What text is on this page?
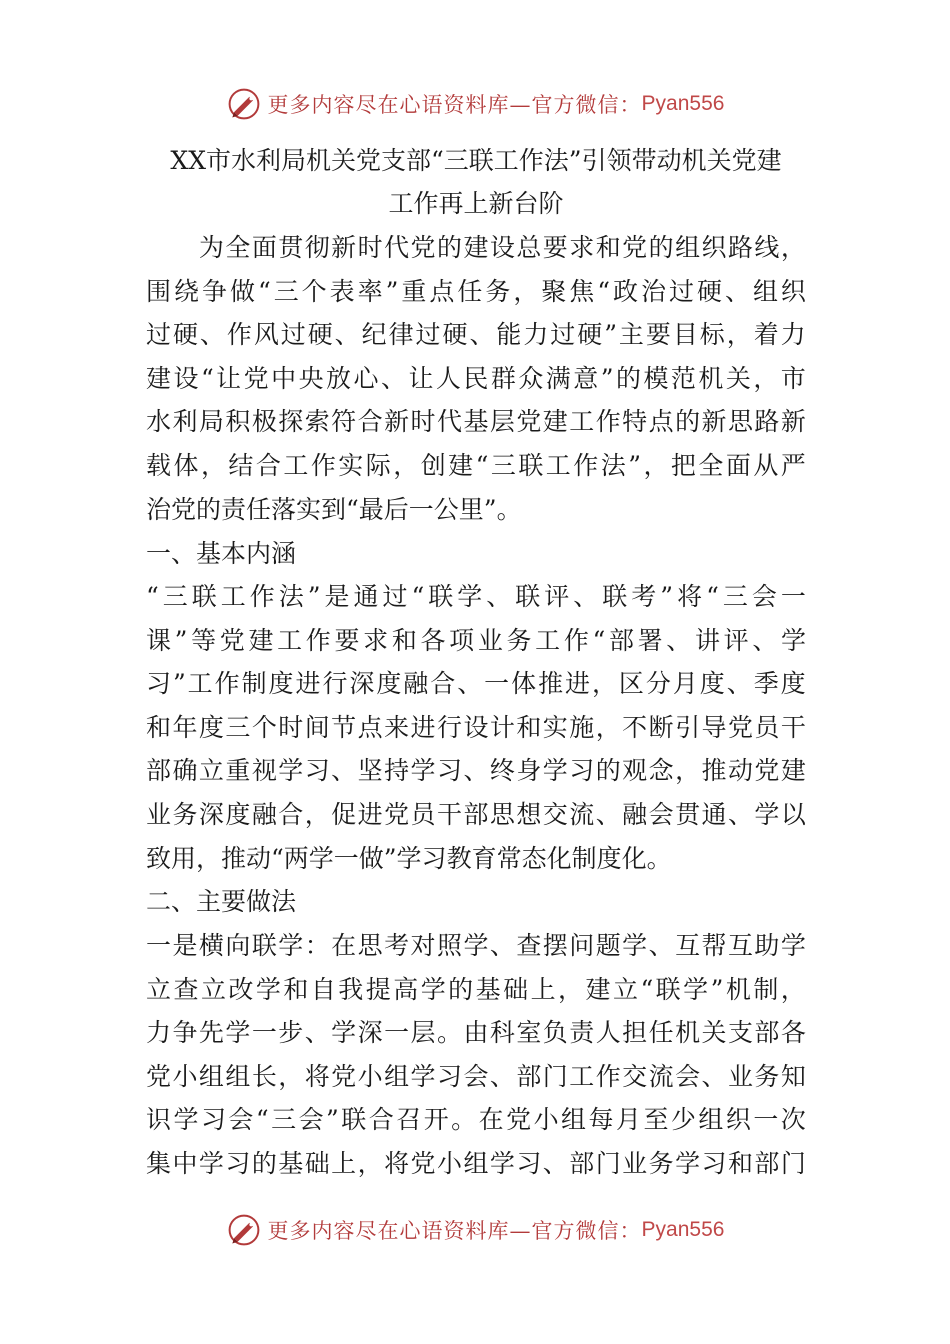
更多内容尽在心语资料库—官方微信： Pyan556
XX市水利局机关党支部“三联工作法”引领带动机关党建
工作再上新台阶

为 全 面 贯 彻 新 时 代 党 的 建 设 总 要 求 和 党 的 组 织 路 线 ，
围 绕 争 做 “ 三 个 表 率 ” 重 点 任 务 ， 聚 焦 “ 政 治 过 硬 、 组 织
过 硬 、 作 风 过 硬 、 纪 律 过 硬 、 能 力 过 硬 ” 主 要 目 标 ， 着 力
建 设 “ 让 党 中 央 放 心 、 让 人 民 群 众 满 意 ” 的 模 范 机 关 ， 市
水 利 局 积 极 探 索 符 合 新 时 代 基 层 党 建 工 作 特 点 的 新 思 路 新
载 体 ， 结 合 工 作 实 际 ， 创 建 “ 三 联 工 作 法 ” ， 把 全 面 从 严
治党的责任落实到“最后一公里”。
一、基本内涵
“ 三 联 工 作 法 ” 是 通 过 “ 联 学 、 联 评 、 联 考 ” 将 “ 三 会 一
课 ” 等 党 建 工 作 要 求 和 各 项 业 务 工 作 “ 部 署 、 讲 评 、 学
习 ” 工 作 制 度 进 行 深 度 融 合 、 一 体 推 进 ， 区 分 月 度 、 季 度
和 年 度 三 个 时 间 节 点 来 进 行 设 计 和 实 施 ， 不 断 引 导 党 员 干
部 确 立 重 视 学 习 、 坚 持 学 习 、 终 身 学 习 的 观 念 ， 推 动 党 建
业 务 深 度 融 合 ， 促 进 党 员 干 部 思 想 交 流 、 融 会 贯 通 、 学 以
致用，推动“两学一做”学习教育常态化制度化。
二、主要做法
一 是 横 向 联 学 ： 在 思 考 对 照 学 、 查 摆 问 题 学 、 互 帮 互 助 学
立 查 立 改 学 和 自 我 提 高 学 的 基 础 上 ， 建 立 “ 联 学 ” 机 制 ，
力 争 先 学 一 步 、 学 深 一 层 。 由 科 室 负 责 人 担 任 机 关 支 部 各
党 小 组 组 长 ， 将 党 小 组 学 习 会 、 部 门 工 作 交 流 会 、 业 务 知
识 学 习 会 “ 三 会 ” 联 合 召 开 。 在 党 小 组 每 月 至 少 组 织 一 次
集 中 学 习 的 基 础 上 ， 将 党 小 组 学 习 、 部 门 业 务 学 习 和 部 门
更多内容尽在心语资料库—官方微信： Pyan556
